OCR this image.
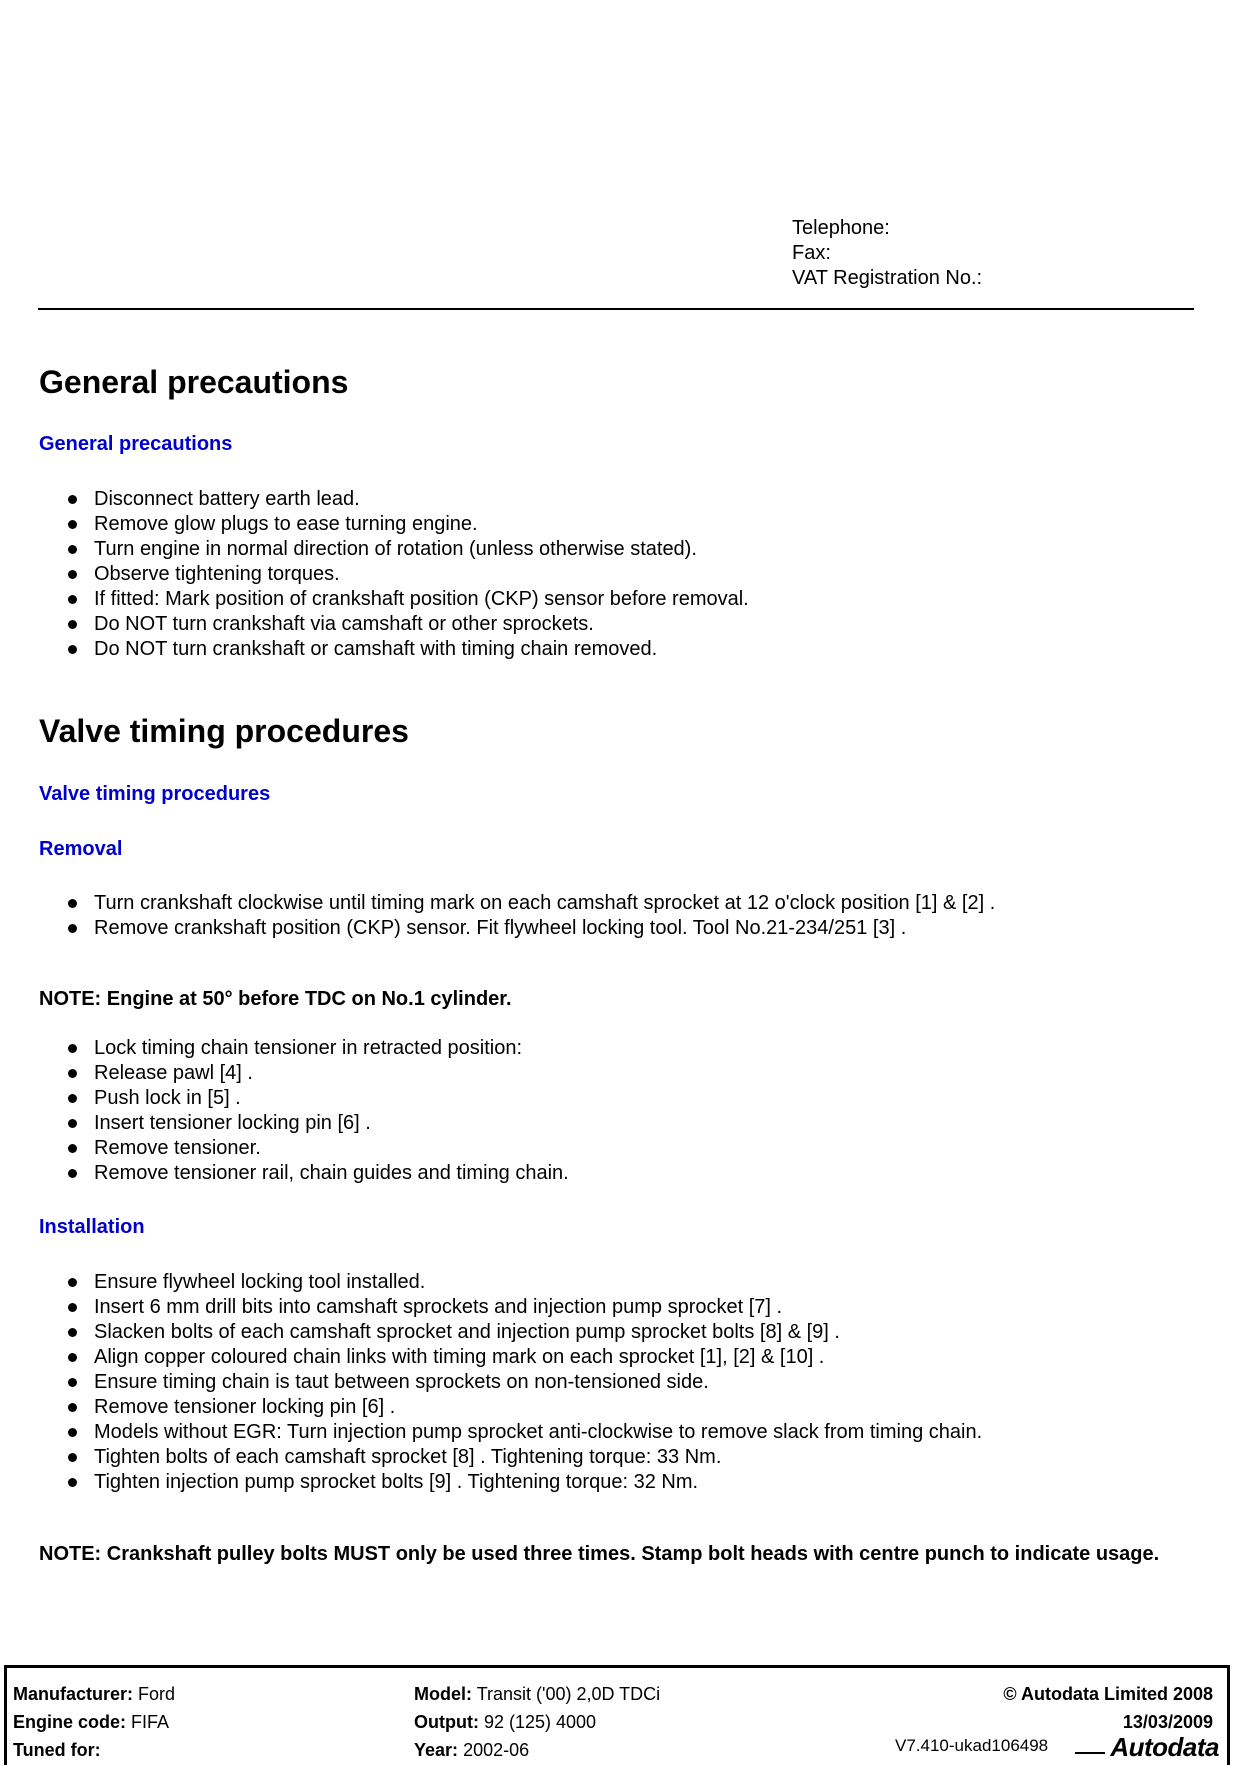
Telephone:
Fax:
VAT Registration No.:
General precautions
General precautions
Disconnect battery earth lead.
Remove glow plugs to ease turning engine.
Turn engine in normal direction of rotation (unless otherwise stated).
Observe tightening torques.
If fitted: Mark position of crankshaft position (CKP) sensor before removal.
Do NOT turn crankshaft via camshaft or other sprockets.
Do NOT turn crankshaft or camshaft with timing chain removed.
Valve timing procedures
Valve timing procedures
Removal
Turn crankshaft clockwise until timing mark on each camshaft sprocket at 12 o'clock position [1] & [2] .
Remove crankshaft position (CKP) sensor. Fit flywheel locking tool. Tool No.21-234/251 [3] .

NOTE: Engine at 50° before TDC on No.1 cylinder.

Lock timing chain tensioner in retracted position:
Release pawl [4] .
Push lock in [5] .
Insert tensioner locking pin [6] .
Remove tensioner.
Remove tensioner rail, chain guides and timing chain.
Installation
Ensure flywheel locking tool installed.
Insert 6 mm drill bits into camshaft sprockets and injection pump sprocket [7] .
Slacken bolts of each camshaft sprocket and injection pump sprocket bolts [8] & [9] .
Align copper coloured chain links with timing mark on each sprocket [1], [2] & [10] .
Ensure timing chain is taut between sprockets on non-tensioned side.
Remove tensioner locking pin [6] .
Models without EGR: Turn injection pump sprocket anti-clockwise to remove slack from timing chain.
Tighten bolts of each camshaft sprocket [8] . Tightening torque: 33 Nm.
Tighten injection pump sprocket bolts [9] . Tightening torque: 32 Nm.

NOTE: Crankshaft pulley bolts MUST only be used three times. Stamp bolt heads with centre punch to indicate usage.

Manufacturer: Ford
Engine code: FIFA
Tuned for:
Model: Transit ('00) 2,0D TDCi
Output: 92 (125) 4000
Year: 2002-06
© Autodata Limited 2008
13/03/2009
V7.410-ukad106498 Autodata
